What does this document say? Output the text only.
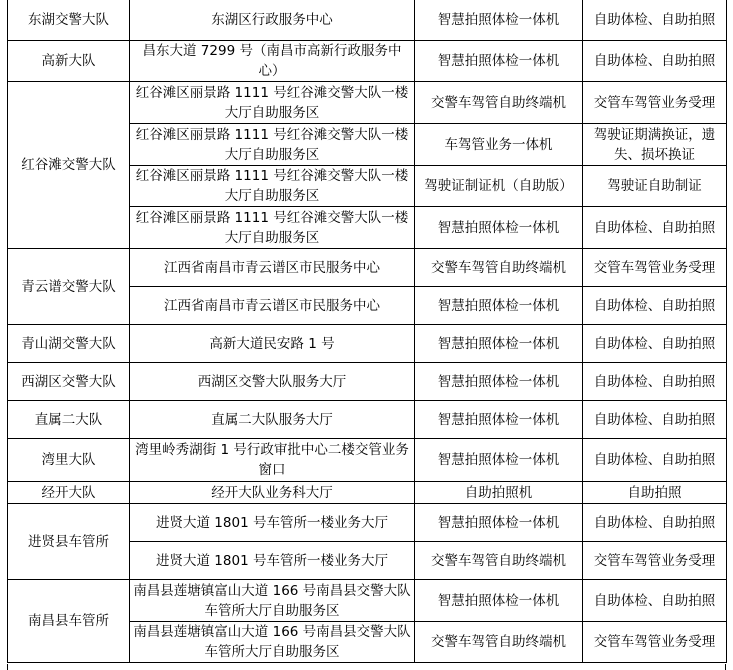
东湖交警大队	东湖区行政服务中心	智慧拍照体检一体机	自助体检、自助拍照
高新大队	昌东大道 7299 号（南昌市高新行政服务中心）	智慧拍照体检一体机	自助体检、自助拍照
红谷滩交警大队	红谷滩区丽景路 1111 号红谷滩交警大队一楼大厅自助服务区	交警车驾管自助终端机	交管车驾管业务受理
	红谷滩区丽景路 1111 号红谷滩交警大队一楼大厅自助服务区	车驾管业务一体机	驾驶证期满换证，遗失、损坏换证
	红谷滩区丽景路 1111 号红谷滩交警大队一楼大厅自助服务区	驾驶证制证机（自助版）	驾驶证自助制证
	红谷滩区丽景路 1111 号红谷滩交警大队一楼大厅自助服务区	智慧拍照体检一体机	自助体检、自助拍照
青云谱交警大队	江西省南昌市青云谱区市民服务中心	交警车驾管自助终端机	交管车驾管业务受理
	江西省南昌市青云谱区市民服务中心	智慧拍照体检一体机	自助体检、自助拍照
青山湖交警大队	高新大道民安路 1 号	智慧拍照体检一体机	自助体检、自助拍照
西湖区交警大队	西湖区交警大队服务大厅	智慧拍照体检一体机	自助体检、自助拍照
直属二大队	直属二大队服务大厅	智慧拍照体检一体机	自助体检、自助拍照
湾里大队	湾里岭秀湖街 1 号行政审批中心二楼交管业务窗口	智慧拍照体检一体机	自助体检、自助拍照
经开大队	经开大队业务科大厅	自助拍照机	自助拍照
进贤县车管所	进贤大道 1801 号车管所一楼业务大厅	智慧拍照体检一体机	自助体检、自助拍照
	进贤大道 1801 号车管所一楼业务大厅	交警车驾管自助终端机	交管车驾管业务受理
南昌县车管所	南昌县莲塘镇富山大道 166 号南昌县交警大队车管所大厅自助服务区	智慧拍照体检一体机	自助体检、自助拍照
	南昌县莲塘镇富山大道 166 号南昌县交警大队车管所大厅自助服务区	交警车驾管自助终端机	交管车驾管业务受理
